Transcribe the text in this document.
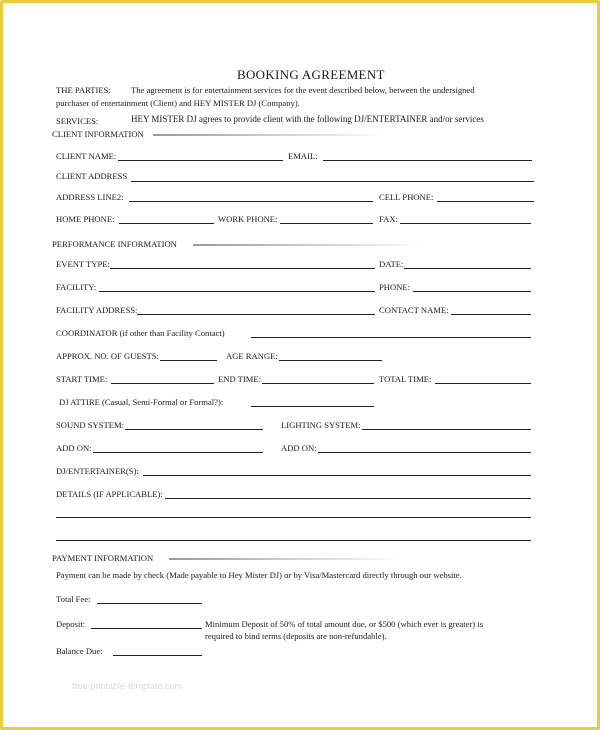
BOOKING AGREEMENT
THE PARTIES: The agreement is for entertainment services for the event described below, between the undersigned
purchaser of entertainment (Client) and HEY MISTER DJ (Company).
SERVICES:	HEY MISTER DJ agrees to provide client with the following DJ/ENTERTAINER and/or services
CLIENT INFORMATION
CLIENT NAME:	EMAIL:
CLIENT ADDRESS
ADDRESS LINE2:	CELL PHONE:
HOME PHONE:	WORK PHONE:	FAX:
PERFORMANCE INFORMATION
EVENT TYPE:	DATE:
FACILITY:	PHONE:
FACILITY ADDRESS:	CONTACT NAME:
COORDINATOR (if other than Facility Contact)
APPROX. NO. OF GUESTS:	AGE RANGE:
START TIME:	END TIME:	TOTAL TIME:
DJ ATTIRE (Casual, Semi-Formal or Formal?):
SOUND SYSTEM:	LIGHTING SYSTEM:
ADD ON:	ADD ON:
DJ/ENTERTAINER(S):
DETAILS (IF APPLICABLE):
PAYMENT INFORMATION
Payment can be made by check (Made payable to Hey Mister DJ) or by Visa/Mastercard directly through our website.
Total Fee:
Deposit:	Minimum Deposit of 50% of total amount due, or $500 (which ever is greater) is
required to bind terms (deposits are non-refundable).
Balance Due:
free-printable-template.com
